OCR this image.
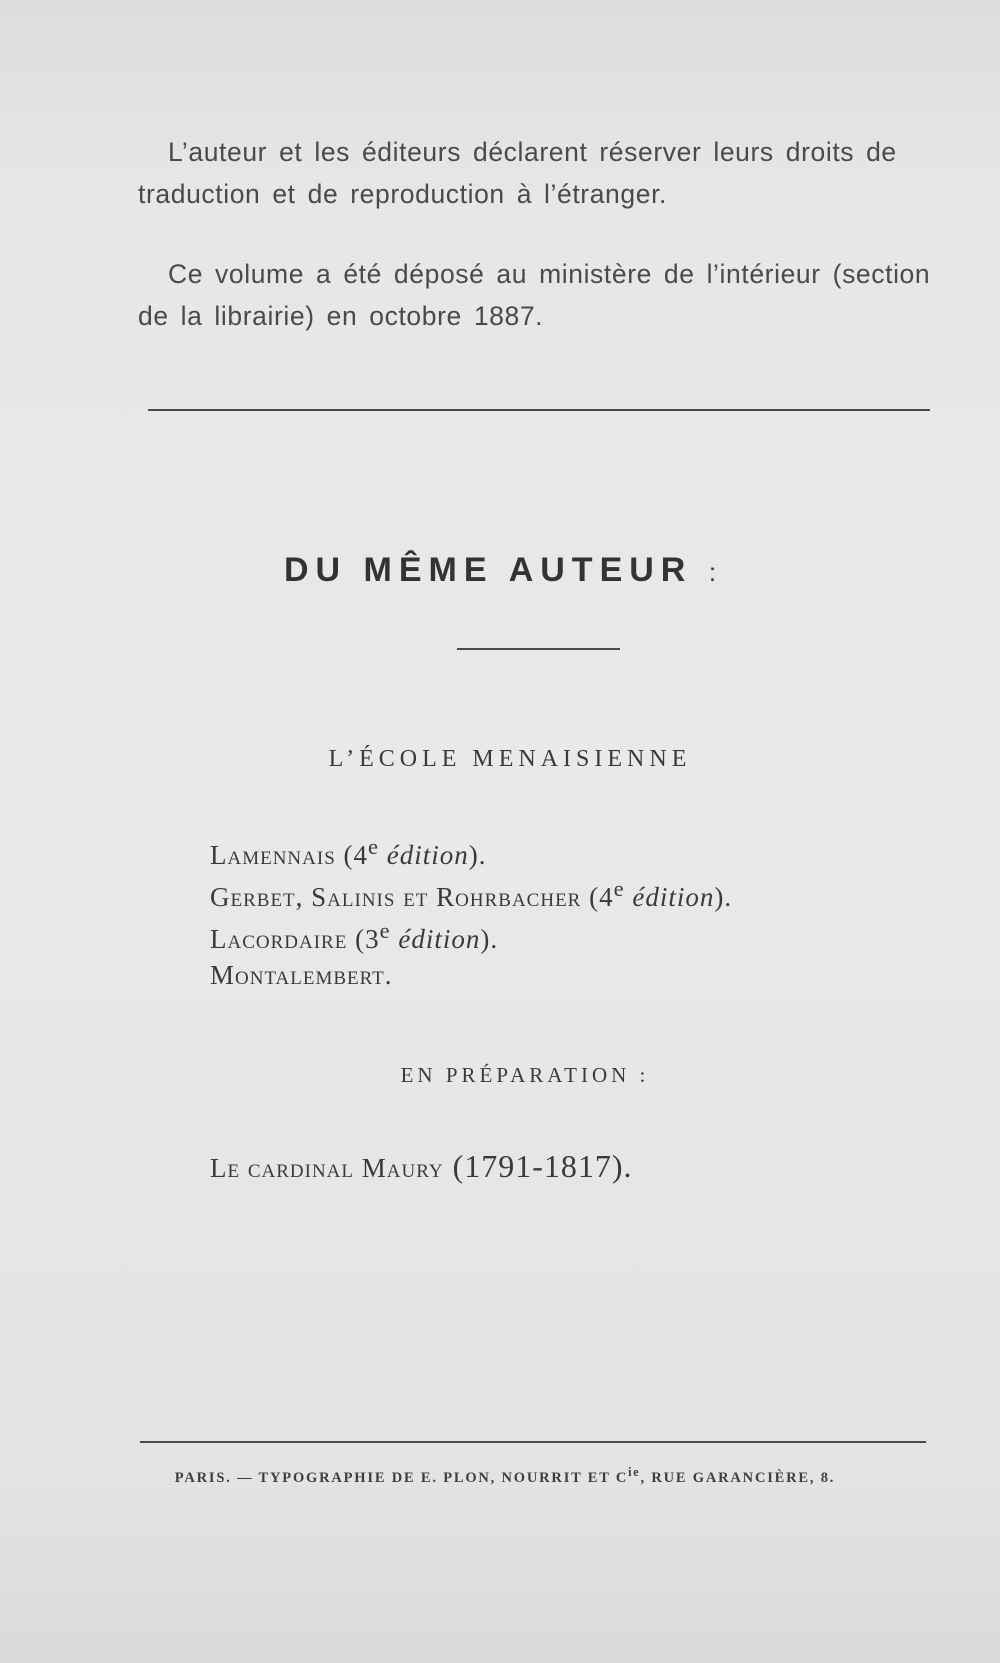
L’auteur et les éditeurs déclarent réserver leurs droits de traduction et de reproduction à l’étranger.

Ce volume a été déposé au ministère de l’intérieur (section de la librairie) en octobre 1887.

DU MÊME AUTEUR :

L’ÉCOLE MENAISIENNE

Lamennais (4e édition).

Gerbet, Salinis et Rohrbacher (4e édition).

Lacordaire (3e édition).

Montalembert.

EN PRÉPARATION :

Le cardinal Maury (1791-1817).

PARIS. — TYPOGRAPHIE DE E. PLON, NOURRIT ET $C^{ie}$, RUE GARANCIÈRE, 8.
